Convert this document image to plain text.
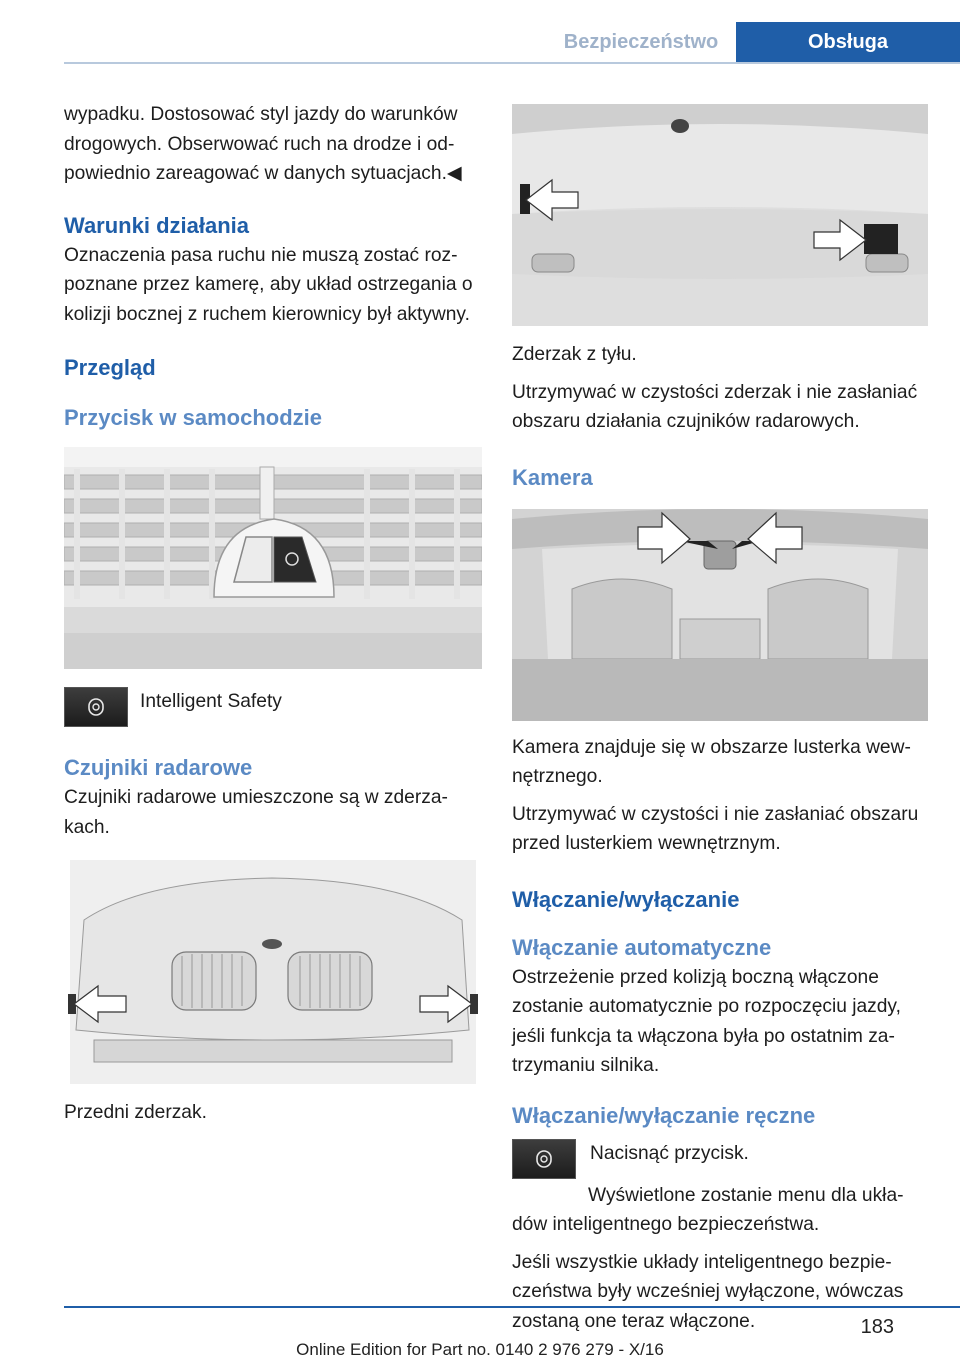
Bezpieczeństwo	Obsługa

wypadku. Dostosować styl jazdy do warunków drogowych. Obserwować ruch na drodze i odpowiednio zareagować w danych sytuacjach.◀

Warunki działania

Oznaczenia pasa ruchu nie muszą zostać rozpoznane przez kamerę, aby układ ostrzegania o kolizji bocznej z ruchem kierownicy był aktywny.

Przegląd
Przycisk w samochodzie

Intelligent Safety

Czujniki radarowe

Czujniki radarowe umieszczone są w zderzakach.

Przedni zderzak.

Zderzak z tyłu.

Utrzymywać w czystości zderzak i nie zasłaniać obszaru działania czujników radarowych.

Kamera

Kamera znajduje się w obszarze lusterka wewnętrznego.

Utrzymywać w czystości i nie zasłaniać obszaru przed lusterkiem wewnętrznym.

Włączanie/wyłączanie
Włączanie automatyczne

Ostrzeżenie przed kolizją boczną włączone zostanie automatycznie po rozpoczęciu jazdy, jeśli funkcja ta włączona była po ostatnim zatrzymaniu silnika.

Włączanie/wyłączanie ręczne

Nacisnąć przycisk.

Wyświetlone zostanie menu dla układów inteligentnego bezpieczeństwa.

Jeśli wszystkie układy inteligentnego bezpieczeństwa były wcześniej wyłączone, wówczas zostaną one teraz włączone.	183
Online Edition for Part no. 0140 2 976 279 - X/16
